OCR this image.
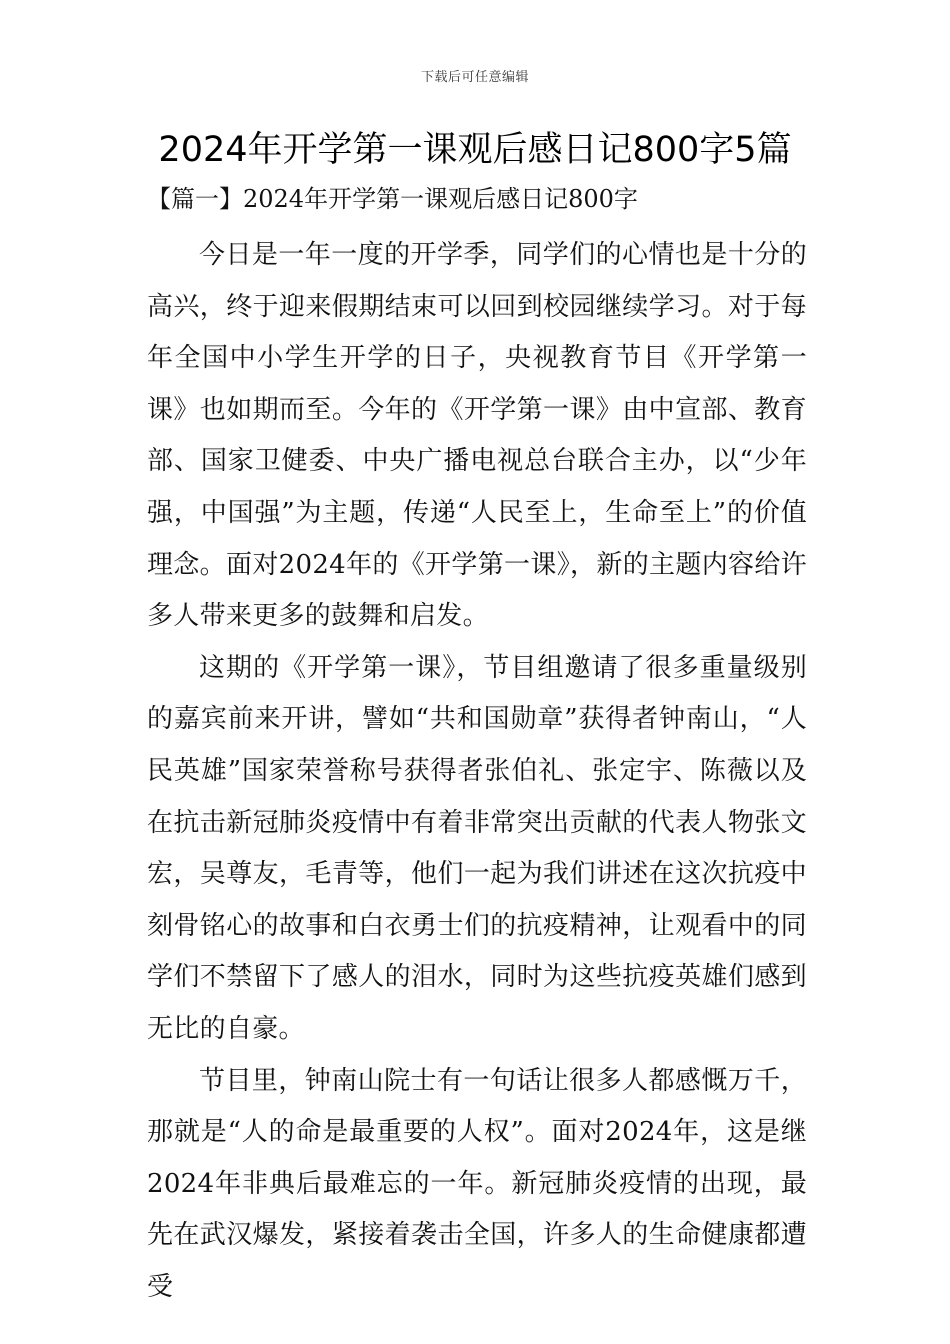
下载后可任意编辑
2024年开学第一课观后感日记800字5篇
【篇一】2024年开学第一课观后感日记800字

今日是一年一度的开学季，同学们的心情也是十分的高兴，终于迎来假期结束可以回到校园继续学习。对于每年全国中小学生开学的日子，央视教育节目《开学第一课》也如期而至。今年的《开学第一课》由中宣部、教育部、国家卫健委、中央广播电视总台联合主办，以“少年强，中国强”为主题，传递“人民至上，生命至上”的价值理念。面对2024年的《开学第一课》，新的主题内容给许多人带来更多的鼓舞和启发。

这期的《开学第一课》，节目组邀请了很多重量级别的嘉宾前来开讲，譬如“共和国勋章”获得者钟南山，“人民英雄”国家荣誉称号获得者张伯礼、张定宇、陈薇以及在抗击新冠肺炎疫情中有着非常突出贡献的代表人物张文宏，吴尊友，毛青等，他们一起为我们讲述在这次抗疫中刻骨铭心的故事和白衣勇士们的抗疫精神，让观看中的同学们不禁留下了感人的泪水，同时为这些抗疫英雄们感到无比的自豪。

节目里，钟南山院士有一句话让很多人都感慨万千，那就是“人的命是最重要的人权”。面对2024年，这是继2024年非典后最难忘的一年。新冠肺炎疫情的出现，最先在武汉爆发，紧接着袭击全国，许多人的生命健康都遭受
